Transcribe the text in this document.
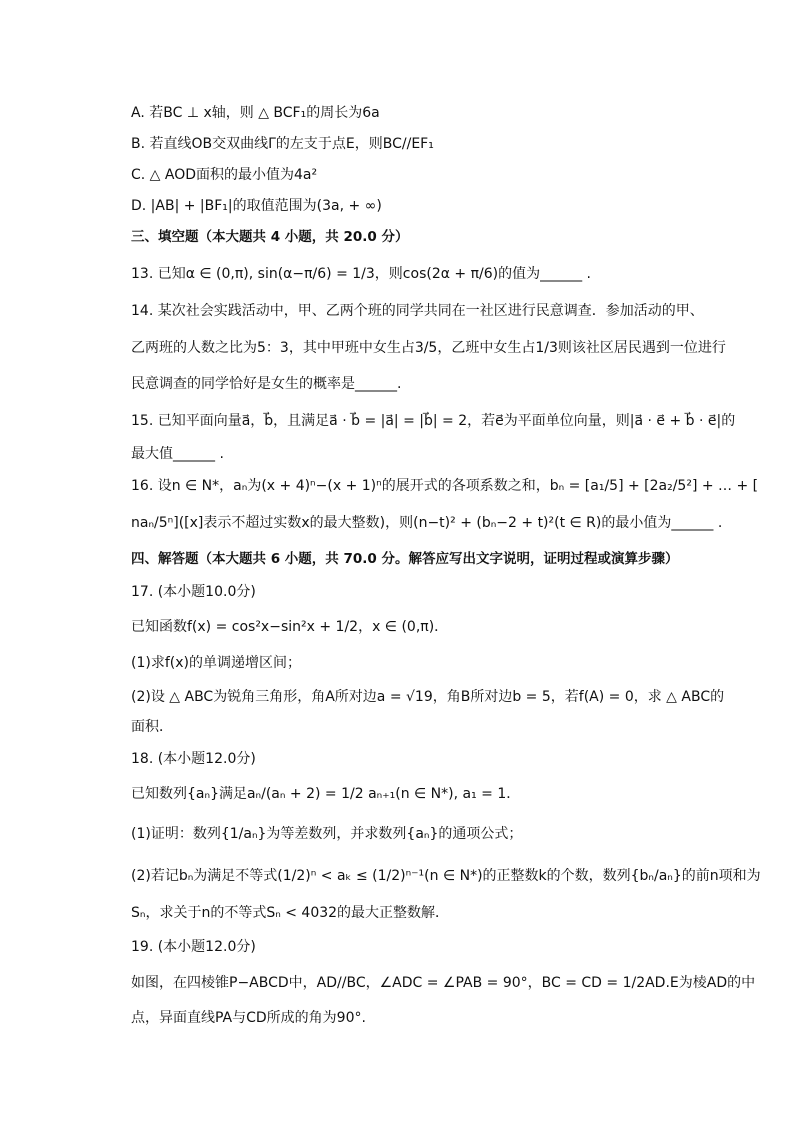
A. 若BC ⊥ x轴，则 △ BCF₁的周长为6a
B. 若直线OB交双曲线Γ的左支于点E，则BC//EF₁
C. △ AOD面积的最小值为4a²
D. |AB| + |BF₁|的取值范围为(3a, + ∞)
三、填空题（本大题共 4 小题，共 20.0 分）
13. 已知α ∈ (0,π), sin(α−π/6) = 1/3，则cos(2α + π/6)的值为______ .
14. 某次社会实践活动中，甲、乙两个班的同学共同在一社区进行民意调查．参加活动的甲、
乙两班的人数之比为5：3，其中甲班中女生占3/5，乙班中女生占1/3则该社区居民遇到一位进行
民意调查的同学恰好是女生的概率是______.
15. 已知平面向量a⃗，b⃗，且满足a⃗ · b⃗ = |a⃗| = |b⃗| = 2，若e⃗为平面单位向量，则|a⃗ · e⃗ + b⃗ · e⃗|的
最大值______ .
16. 设n ∈ N*，aₙ为(x + 4)ⁿ−(x + 1)ⁿ的展开式的各项系数之和，bₙ = [a₁/5] + [2a₂/5²] + … + [
naₙ/5ⁿ]([x]表示不超过实数x的最大整数)，则(n−t)² + (bₙ−2 + t)²(t ∈ R)的最小值为______ .
四、解答题（本大题共 6 小题，共 70.0 分。解答应写出文字说明，证明过程或演算步骤）
17. (本小题10.0分)
已知函数f(x) = cos²x−sin²x + 1/2，x ∈ (0,π)．
(1)求f(x)的单调递增区间；
(2)设 △ ABC为锐角三角形，角A所对边a = √19，角B所对边b = 5，若f(A) = 0，求 △ ABC的
面积．
18. (本小题12.0分)
已知数列{aₙ}满足aₙ/(aₙ + 2) = 1/2 aₙ₊₁(n ∈ N*), a₁ = 1．
(1)证明：数列{1/aₙ}为等差数列，并求数列{aₙ}的通项公式；
(2)若记bₙ为满足不等式(1/2)ⁿ < aₖ ≤ (1/2)ⁿ⁻¹(n ∈ N*)的正整数k的个数，数列{bₙ/aₙ}的前n项和为
Sₙ，求关于n的不等式Sₙ < 4032的最大正整数解．
19. (本小题12.0分)
如图，在四棱锥P−ABCD中，AD//BC，∠ADC = ∠PAB = 90°，BC = CD = 1/2AD.E为棱AD的中
点，异面直线PA与CD所成的角为90°.
